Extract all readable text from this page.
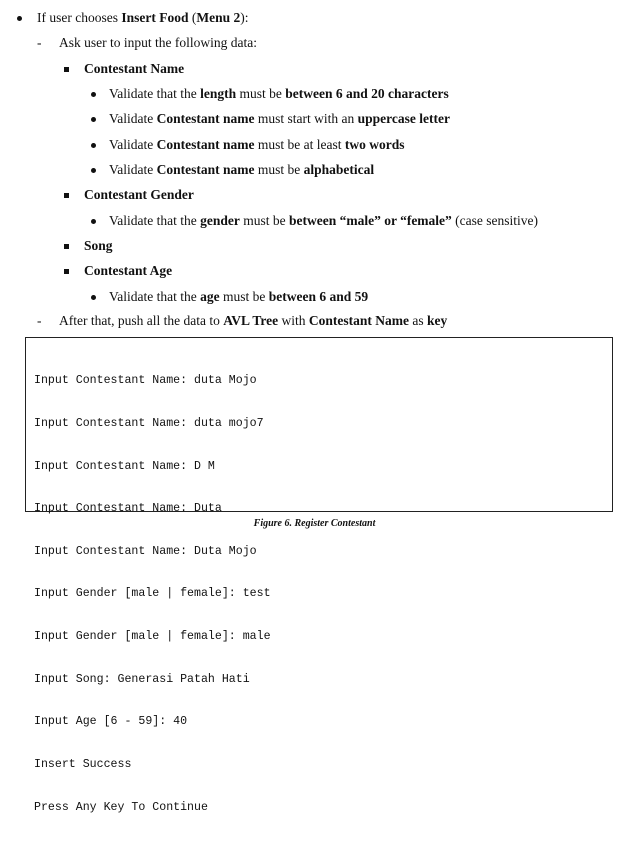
-
-
If user chooses Insert Food (Menu 2):
Ask user to input the following data:
Contestant Name
Validate that the length must be between 6 and 20 characters
Validate Contestant name must start with an uppercase letter
Validate Contestant name must be at least two words
Validate Contestant name must be alphabetical
Contestant Gender
Validate that the gender must be between “male” or “female” (case sensitive)
Song
Contestant Age
Validate that the age must be between 6 and 59
After that, push all the data to AVL Tree with Contestant Name as key

Input Contestant Name: duta Mojo

Input Contestant Name: duta mojo7

Input Contestant Name: D M

Input Contestant Name: Duta

Input Contestant Name: Duta Mojo

Input Gender [male | female]: test

Input Gender [male | female]: male

Input Song: Generasi Patah Hati

Input Age [6 - 59]: 40

Insert Success

Press Any Key To Continue

Figure 6. Register Contestant
